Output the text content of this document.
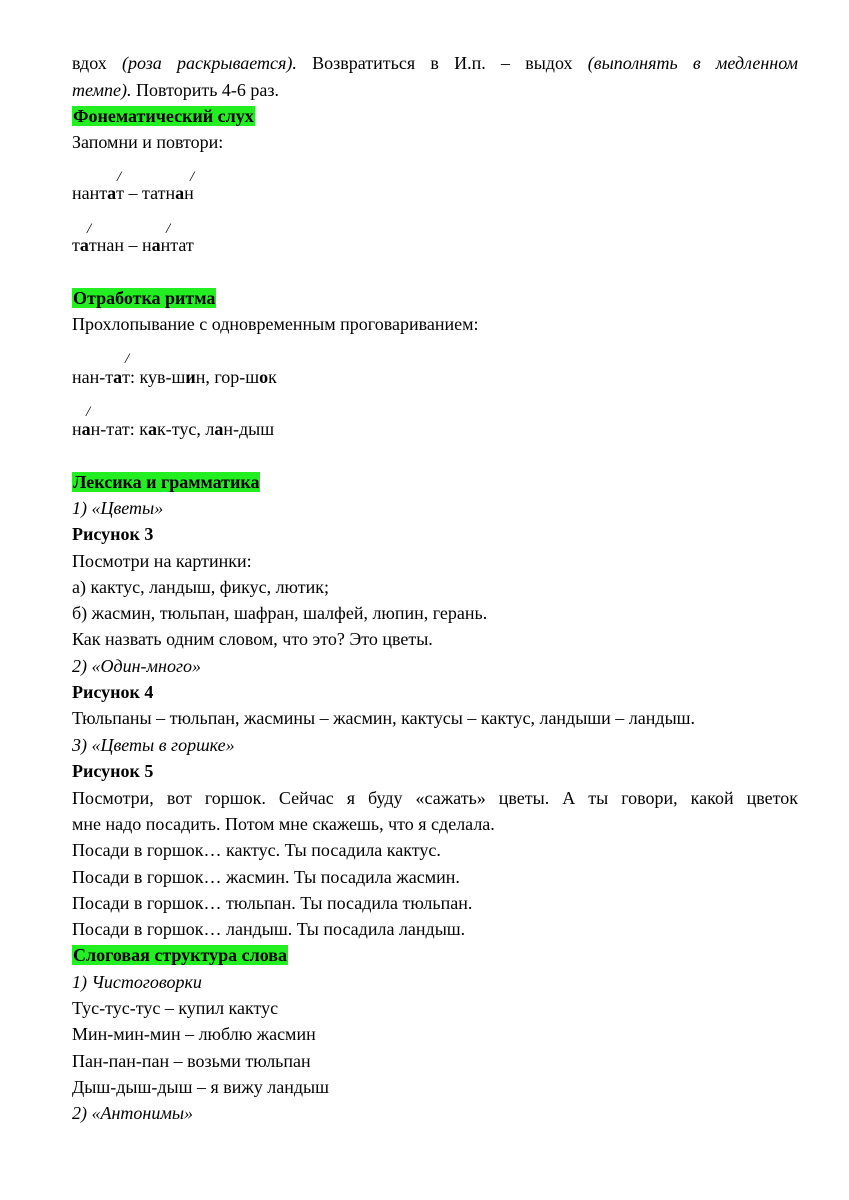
вдох (роза раскрывается). Возвратиться в И.п. – выдох (выполнять в медленном
темпе). Повторить 4-6 раз.
Фонематический слух
Запомни и повтори:
/	/
нантат – татнан
/	/
татнан – нантат
Отработка ритма
Прохлопывание с одновременным проговариванием:
/
нан-тат: кув-шин, гор-шок
/
нан-тат: как-тус, лан-дыш
Лексика и грамматика
1) «Цветы»
Рисунок 3
Посмотри на картинки:
а) кактус, ландыш, фикус, лютик;
б) жасмин, тюльпан, шафран, шалфей, люпин, герань.
Как назвать одним словом, что это? Это цветы.
2) «Один-много»
Рисунок 4
Тюльпаны – тюльпан, жасмины – жасмин, кактусы – кактус, ландыши – ландыш.
3) «Цветы в горшке»
Рисунок 5
Посмотри, вот горшок. Сейчас я буду «сажать» цветы. А ты говори, какой цветок
мне надо посадить. Потом мне скажешь, что я сделала.
Посади в горшок… кактус. Ты посадила кактус.
Посади в горшок… жасмин. Ты посадила жасмин.
Посади в горшок… тюльпан. Ты посадила тюльпан.
Посади в горшок… ландыш. Ты посадила ландыш.
Слоговая структура слова
1) Чистоговорки
Тус-тус-тус – купил кактус
Мин-мин-мин – люблю жасмин
Пан-пан-пан – возьми тюльпан
Дыш-дыш-дыш – я вижу ландыш
2) «Антонимы»
